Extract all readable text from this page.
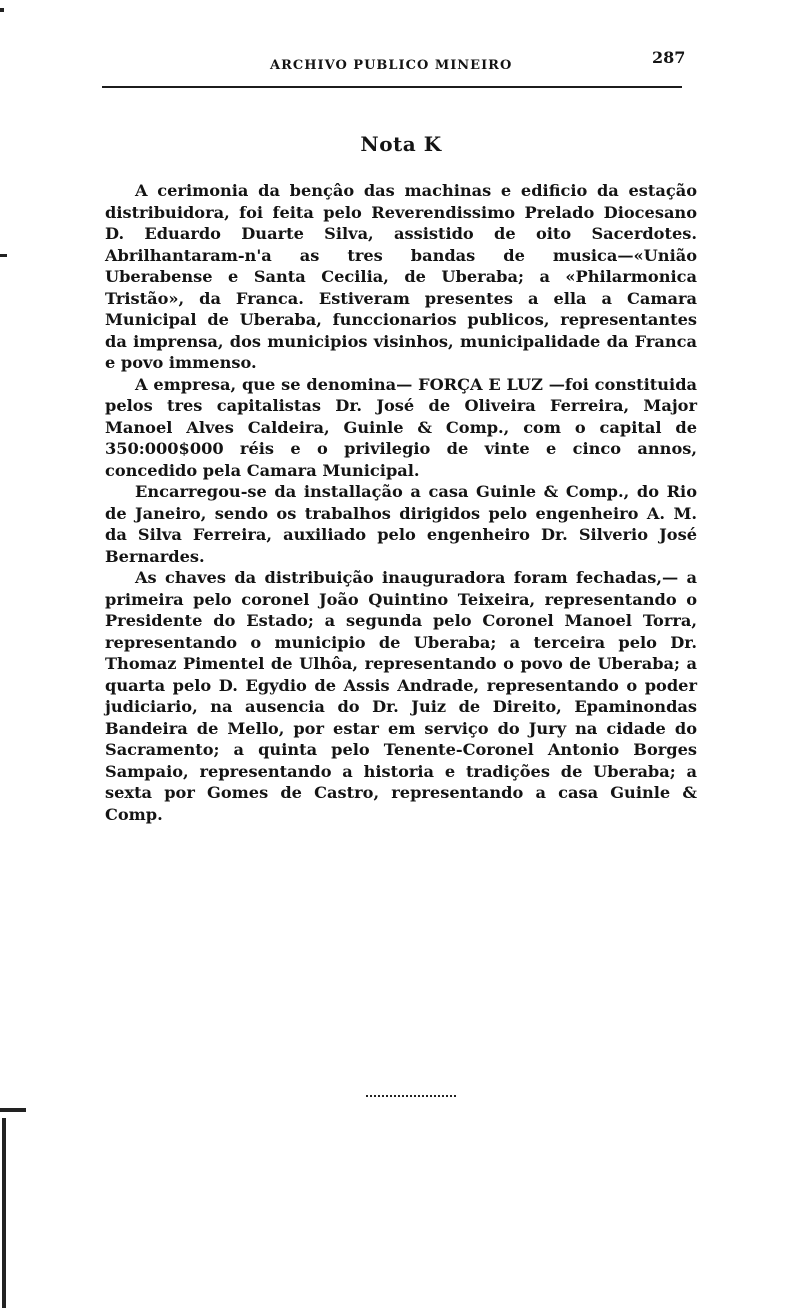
ARCHIVO PUBLICO MINEIRO	287
Nota K

A cerimonia da bençâo das machinas e edificio da estação distribuidora, foi feita pelo Reverendissimo Prelado Diocesano D. Eduardo Duarte Silva, assistido de oito Sacerdotes. Abrilhantaram-n'a as tres bandas de musica—«União Uberabense e Santa Cecilia, de Uberaba; a «Philarmonica Tristão», da Franca. Estiveram presentes a ella a Camara Municipal de Uberaba, funccionarios publicos, representantes da imprensa, dos municipios visinhos, municipalidade da Franca e povo immenso.

A empresa, que se denomina— FORÇA E LUZ —foi constituida pelos tres capitalistas Dr. José de Oliveira Ferreira, Major Manoel Alves Caldeira, Guinle & Comp., com o capital de 350:000$000 réis e o privilegio de vinte e cinco annos, concedido pela Camara Municipal.

Encarregou-se da installação a casa Guinle & Comp., do Rio de Janeiro, sendo os trabalhos dirigidos pelo engenheiro A. M. da Silva Ferreira, auxiliado pelo engenheiro Dr. Silverio José Bernardes.

As chaves da distribuição inauguradora foram fechadas,— a primeira pelo coronel João Quintino Teixeira, representando o Presidente do Estado; a segunda pelo Coronel Manoel Torra, representando o municipio de Uberaba; a terceira pelo Dr. Thomaz Pimentel de Ulhôa, representando o povo de Uberaba; a quarta pelo D. Egydio de Assis Andrade, representando o poder judiciario, na ausencia do Dr. Juiz de Direito, Epaminondas Bandeira de Mello, por estar em serviço do Jury na cidade do Sacramento; a quinta pelo Tenente-Coronel Antonio Borges Sampaio, representando a historia e tradições de Uberaba; a sexta por Gomes de Castro, representando a casa Guinle & Comp.
